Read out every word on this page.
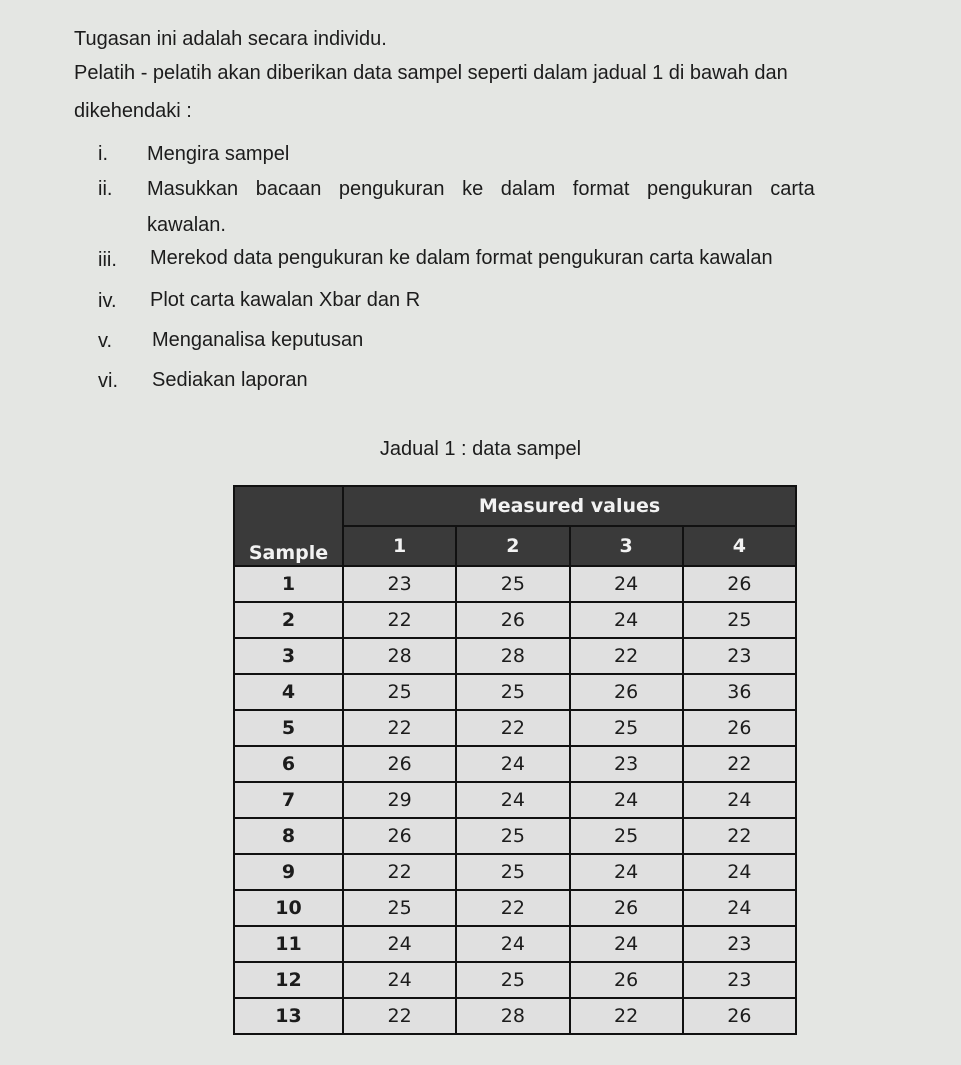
Tugasan ini adalah secara individu.
Pelatih - pelatih akan diberikan data sampel seperti dalam jadual 1 di bawah dan
dikehendaki :
i. Mengira sampel
ii. Masukkan bacaan pengukuran ke dalam format pengukuran carta
kawalan.
iii. Merekod data pengukuran ke dalam format pengukuran carta kawalan
iv. Plot carta kawalan Xbar dan R
v. Menganalisa keputusan
vi. Sediakan laporan
Jadual 1 : data sampel
Sample	Measured values			
	1	2	3	4
1	23	25	24	26
2	22	26	24	25
3	28	28	22	23
4	25	25	26	36
5	22	22	25	26
6	26	24	23	22
7	29	24	24	24
8	26	25	25	22
9	22	25	24	24
10	25	22	26	24
11	24	24	24	23
12	24	25	26	23
13	22	28	22	26
